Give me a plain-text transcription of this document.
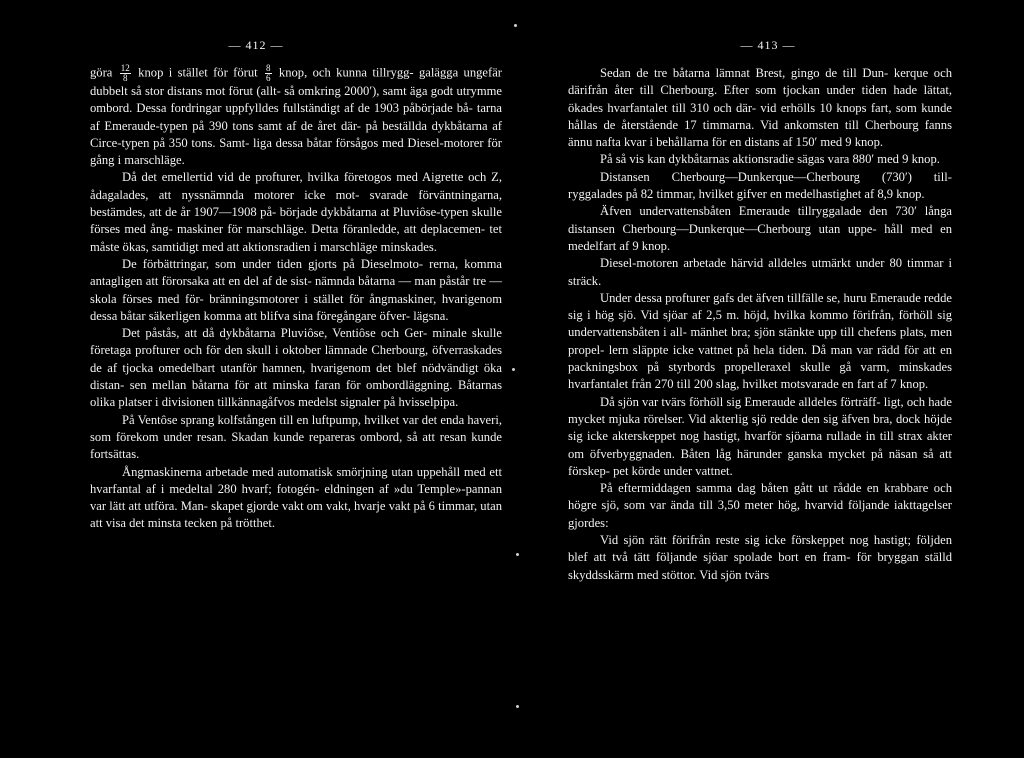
— 412 —

göra $\frac{12}{8}$ knop i stället för förut $\frac{8}{6}$ knop, och kunna tillrygg- galägga ungefär dubbelt så stor distans mot förut (allt- så omkring 2000′), samt äga godt utrymme ombord. Dessa fordringar uppfylldes fullständigt af de 1903 påbörjade bå- tarna af Emeraude-typen på 390 tons samt af de året där- på beställda dykbåtarna af Circe-typen på 350 tons. Samt- liga dessa båtar försågos med Diesel-motorer för gång i marschläge.

Då det emellertid vid de profturer, hvilka företogos med Aigrette och Z, ådagalades, att nyssnämnda motorer icke mot- svarade förväntningarna, bestämdes, att de år 1907—1908 på- började dykbåtarna at Pluviôse-typen skulle förses med ång- maskiner för marschläge. Detta föranledde, att deplacemen- tet måste ökas, samtidigt med att aktionsradien i marschläge minskades.

De förbättringar, som under tiden gjorts på Dieselmoto- rerna, komma antagligen att förorsaka att en del af de sist- nämnda båtarna — man påstår tre — skola förses med för- bränningsmotorer i stället för ångmaskiner, hvarigenom dessa båtar säkerligen komma att blifva sina föregångare öfver- lägsna.

Det påstås, att då dykbåtarna Pluviôse, Ventiôse och Ger- minale skulle företaga profturer och för den skull i oktober lämnade Cherbourg, öfverraskades de af tjocka omedelbart utanför hamnen, hvarigenom det blef nödvändigt öka distan- sen mellan båtarna för att minska faran för ombordläggning. Båtarnas olika platser i divisionen tillkännagåfvos medelst signaler på hvisselpipa.

På Ventôse sprang kolfstången till en luftpump, hvilket var det enda haveri, som förekom under resan. Skadan kunde repareras ombord, så att resan kunde fortsättas.

Ångmaskinerna arbetade med automatisk smörjning utan uppehåll med ett hvarfantal af i medeltal 280 hvarf; fotogén- eldningen af »du Temple»-pannan var lätt att utföra. Man- skapet gjorde vakt om vakt, hvarje vakt på 6 timmar, utan att visa det minsta tecken på trötthet.

— 413 —

Sedan de tre båtarna lämnat Brest, gingo de till Dun- kerque och därifrån åter till Cherbourg. Efter som tjockan under tiden hade lättat, ökades hvarfantalet till 310 och där- vid erhölls 10 knops fart, som kunde hållas de återstående 17 timmarna. Vid ankomsten till Cherbourg fanns ännu nafta kvar i behållarna för en distans af 150′ med 9 knop.

På så vis kan dykbåtarnas aktionsradie sägas vara 880′ med 9 knop.

Distansen Cherbourg—Dunkerque—Cherbourg (730′) till- ryggalades på 82 timmar, hvilket gifver en medelhastighet af 8,9 knop.

Äfven undervattensbåten Emeraude tillryggalade den 730′ långa distansen Cherbourg—Dunkerque—Cherbourg utan uppe- håll med en medelfart af 9 knop.

Diesel-motoren arbetade härvid alldeles utmärkt under 80 timmar i sträck.

Under dessa profturer gafs det äfven tillfälle se, huru Emeraude redde sig i hög sjö. Vid sjöar af 2,5 m. höjd, hvilka kommo förifrån, förhöll sig undervattensbåten i all- mänhet bra; sjön stänkte upp till chefens plats, men propel- lern släppte icke vattnet på hela tiden. Då man var rädd för att en packningsbox på styrbords propelleraxel skulle gå varm, minskades hvarfantalet från 270 till 200 slag, hvilket motsvarade en fart af 7 knop.

Då sjön var tvärs förhöll sig Emeraude alldeles förträff- ligt, och hade mycket mjuka rörelser. Vid akterlig sjö redde den sig äfven bra, dock höjde sig icke akterskeppet nog hastigt, hvarför sjöarna rullade in till strax akter om öfverbyggnaden. Båten låg härunder ganska mycket på näsan så att förskep- pet körde under vattnet.

På eftermiddagen samma dag båten gått ut rådde en krabbare och högre sjö, som var ända till 3,50 meter hög, hvarvid följande iakttagelser gjordes:

Vid sjön rätt förifrån reste sig icke förskeppet nog hastigt; följden blef att två tätt följande sjöar spolade bort en fram- för bryggan ställd skyddsskärm med stöttor. Vid sjön tvärs
